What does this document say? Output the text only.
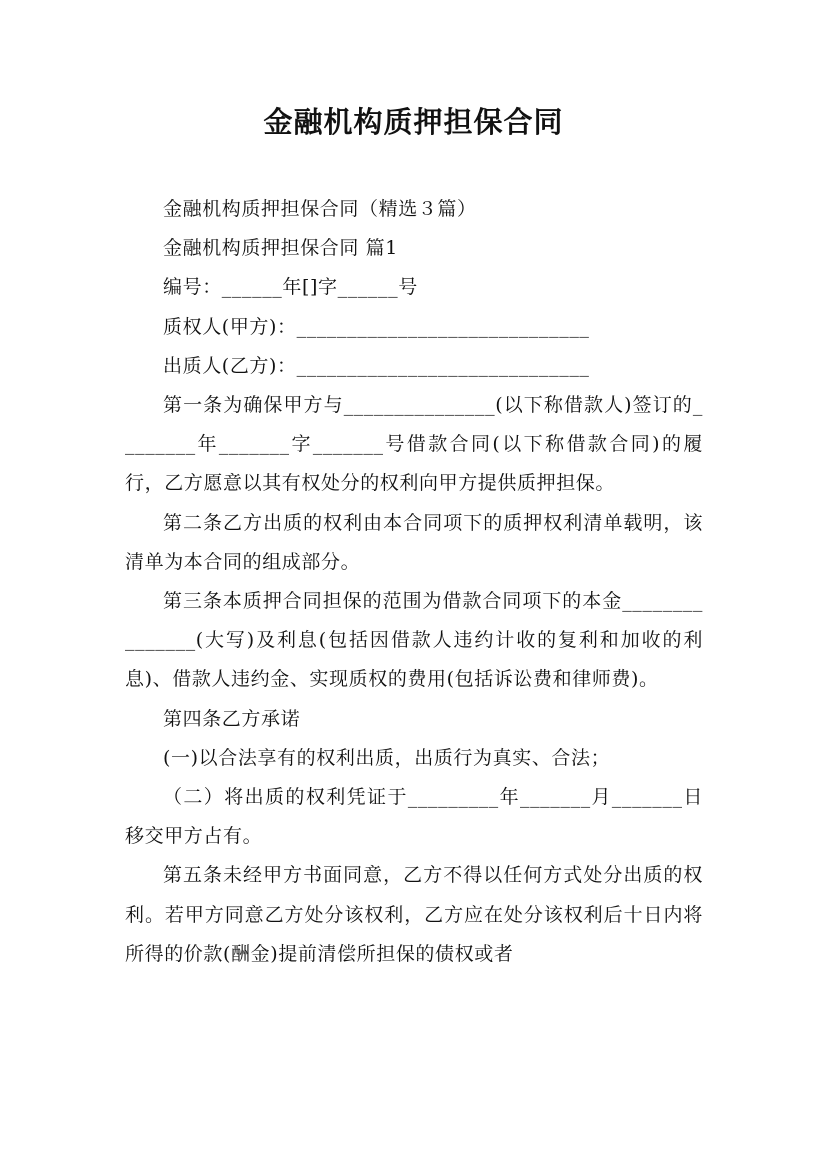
金融机构质押担保合同

金融机构质押担保合同（精选３篇）

金融机构质押担保合同 篇1

编号：______年[]字______号

质权人(甲方)：_____________________________

出质人(乙方)：_____________________________

第一条为确保甲方与_______________(以下称借款人)签订的________年_______字_______号借款合同(以下称借款合同)的履行，乙方愿意以其有权处分的权利向甲方提供质押担保。

第二条乙方出质的权利由本合同项下的质押权利清单载明，该清单为本合同的组成部分。

第三条本质押合同担保的范围为借款合同项下的本金_______________(大写)及利息(包括因借款人违约计收的复利和加收的利息)、借款人违约金、实现质权的费用(包括诉讼费和律师费)。

第四条乙方承诺

(一)以合法享有的权利出质，出质行为真实、合法；

（二）将出质的权利凭证于_________年_______月_______日移交甲方占有。

第五条未经甲方书面同意，乙方不得以任何方式处分出质的权利。若甲方同意乙方处分该权利，乙方应在处分该权利后十日内将所得的价款(酬金)提前清偿所担保的债权或者
